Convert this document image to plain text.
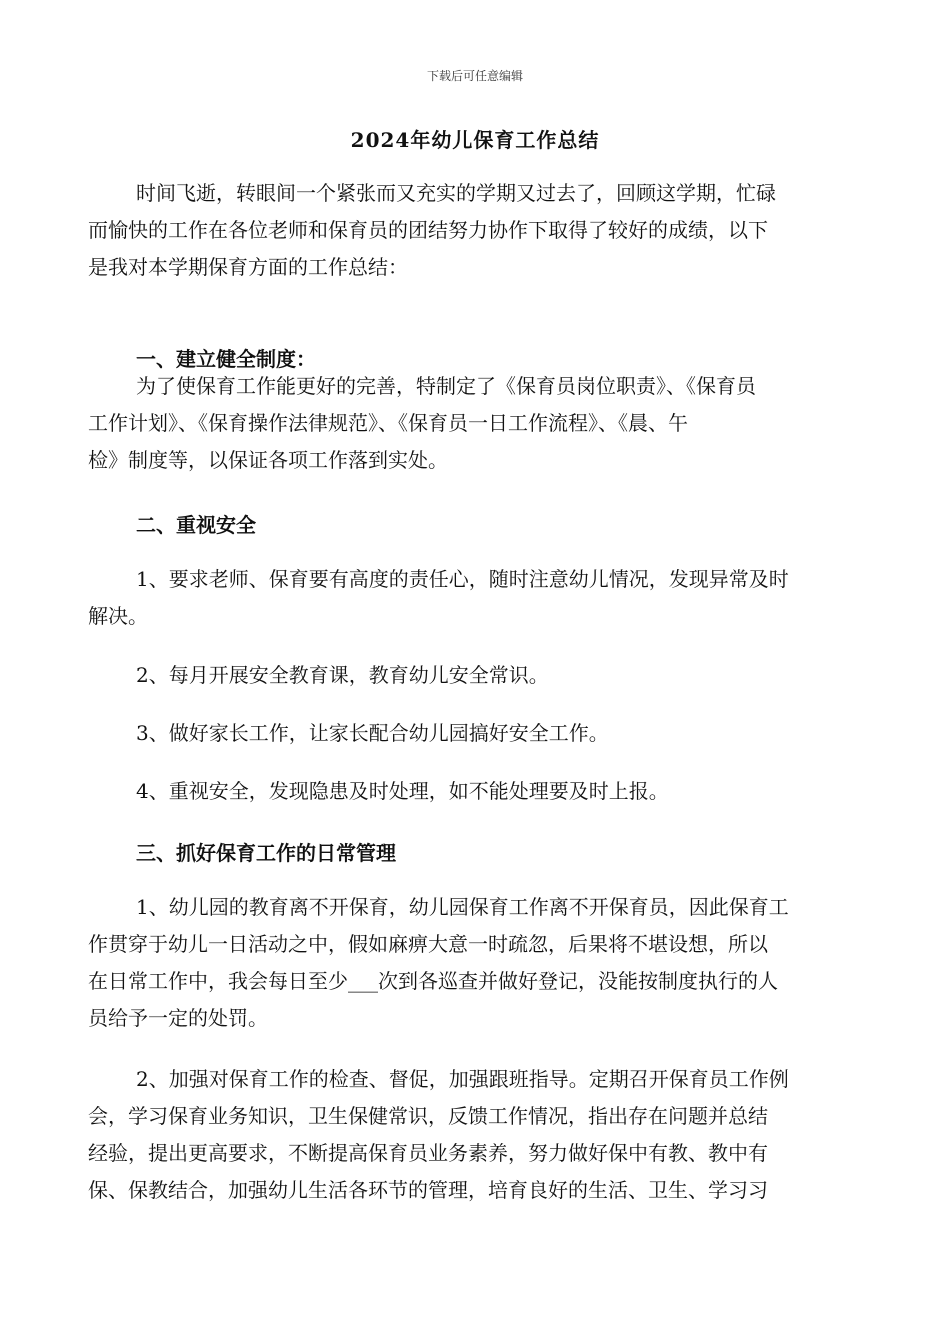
下载后可任意编辑
2024年幼儿保育工作总结

时间飞逝，转眼间一个紧张而又充实的学期又过去了，回顾这学期，忙碌
而愉快的工作在各位老师和保育员的团结努力协作下取得了较好的成绩，以下
是我对本学期保育方面的工作总结：

一、建立健全制度：

为了使保育工作能更好的完善，特制定了《保育员岗位职责》、《保育员
工作计划》、《保育操作法律规范》、《保育员一日工作流程》、《晨、午
检》制度等，以保证各项工作落到实处。

二、重视安全

1、要求老师、保育要有高度的责任心，随时注意幼儿情况，发现异常及时
解决。

2、每月开展安全教育课，教育幼儿安全常识。

3、做好家长工作，让家长配合幼儿园搞好安全工作。

4、重视安全，发现隐患及时处理，如不能处理要及时上报。

三、抓好保育工作的日常管理

1、幼儿园的教育离不开保育，幼儿园保育工作离不开保育员，因此保育工
作贯穿于幼儿一日活动之中，假如麻痹大意一时疏忽，后果将不堪设想，所以
在日常工作中，我会每日至少___次到各巡查并做好登记，没能按制度执行的人
员给予一定的处罚。

2、加强对保育工作的检查、督促，加强跟班指导。定期召开保育员工作例
会，学习保育业务知识，卫生保健常识，反馈工作情况，指出存在问题并总结
经验，提出更高要求，不断提高保育员业务素养，努力做好保中有教、教中有
保、保教结合，加强幼儿生活各环节的管理，培育良好的生活、卫生、学习习
